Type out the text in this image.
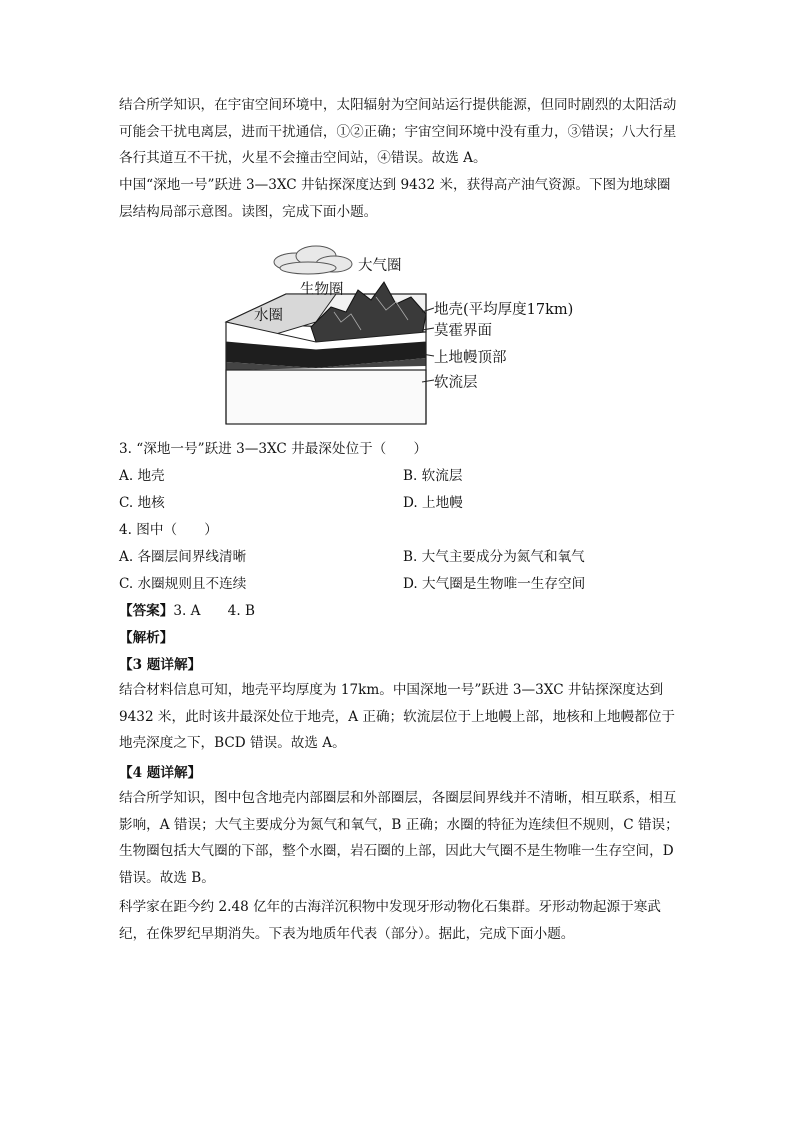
结合所学知识，在宇宙空间环境中，太阳辐射为空间站运行提供能源，但同时剧烈的太阳活动可能会干扰电离层，进而干扰通信，①②正确；宇宙空间环境中没有重力，③错误；八大行星各行其道互不干扰，火星不会撞击空间站，④错误。故选 A。

中国“深地一号”跃进 3—3XC 井钻探深度达到 9432 米，获得高产油气资源。下图为地球圈层结构局部示意图。读图，完成下面小题。

大气圈
生物圈
水圈	地壳(平均厚度17km)
莫霍界面
上地幔顶部
软流层
3. “深地一号”跃进 3—3XC 井最深处位于（　　）
A. 地壳	B. 软流层
C. 地核	D. 上地幔
4. 图中（　　）
A. 各圈层间界线清晰	B. 大气主要成分为氮气和氧气
C. 水圈规则且不连续	D. 大气圈是生物唯一生存空间
【答案】3. A　　4. B
【解析】
【3 题详解】

结合材料信息可知，地壳平均厚度为 17km。中国深地一号”跃进 3—3XC 井钻探深度达到 9432 米，此时该井最深处位于地壳，A 正确；软流层位于上地幔上部，地核和上地幔都位于地壳深度之下，BCD 错误。故选 A。

【4 题详解】

结合所学知识，图中包含地壳内部圈层和外部圈层，各圈层间界线并不清晰，相互联系，相互影响，A 错误；大气主要成分为氮气和氧气，B 正确；水圈的特征为连续但不规则，C 错误；生物圈包括大气圈的下部，整个水圈，岩石圈的上部，因此大气圈不是生物唯一生存空间，D 错误。故选 B。

科学家在距今约 2.48 亿年的古海洋沉积物中发现牙形动物化石集群。牙形动物起源于寒武纪，在侏罗纪早期消失。下表为地质年代表（部分）。据此，完成下面小题。
